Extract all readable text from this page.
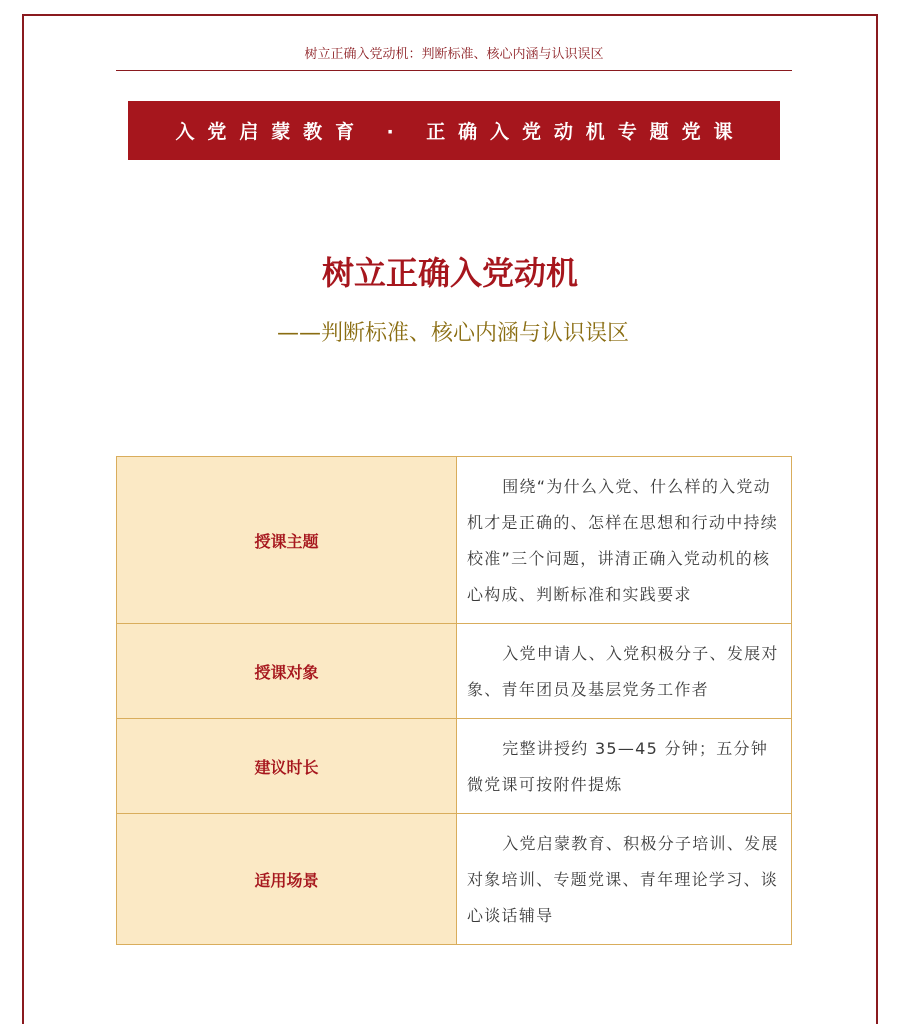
树立正确入党动机：判断标准、核心内涵与认识误区
入党启蒙教育 · 正确入党动机专题党课
树立正确入党动机
——判断标准、核心内涵与认识误区
授课主题	围绕“为什么入党、什么样的入党动机才是正确的、怎样在思想和行动中持续校准”三个问题，讲清正确入党动机的核心构成、判断标准和实践要求
授课对象	入党申请人、入党积极分子、发展对象、青年团员及基层党务工作者
建议时长	完整讲授约 35—45 分钟；五分钟微党课可按附件提炼
适用场景	入党启蒙教育、积极分子培训、发展对象培训、专题党课、青年理论学习、谈心谈话辅导
